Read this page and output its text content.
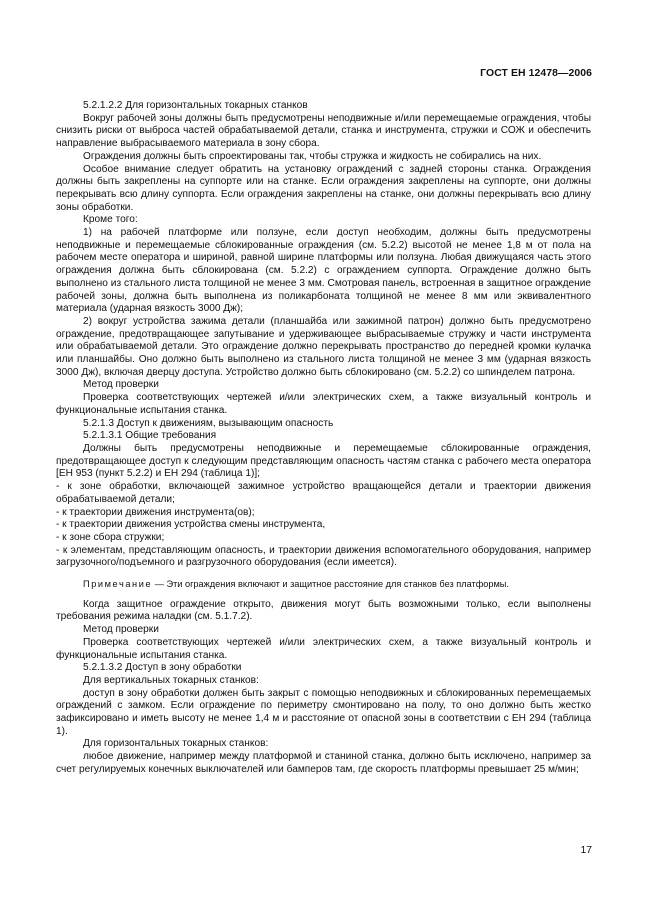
ГОСТ ЕН 12478—2006

5.2.1.2.2 Для горизонтальных токарных станков

Вокруг рабочей зоны должны быть предусмотрены неподвижные и/или перемещаемые ограждения, чтобы снизить риски от выброса частей обрабатываемой детали, станка и инструмента, стружки и СОЖ и обеспечить направление выбрасываемого материала в зону сбора.

Ограждения должны быть спроектированы так, чтобы стружка и жидкость не собирались на них.

Особое внимание следует обратить на установку ограждений с задней стороны станка. Ограждения должны быть закреплены на суппорте или на станке. Если ограждения закреплены на суппорте, они должны перекрывать всю длину суппорта. Если ограждения закреплены на станке, они должны перекрывать всю длину зоны обработки.

Кроме того:

1) на рабочей платформе или ползуне, если доступ необходим, должны быть предусмотрены неподвижные и перемещаемые сблокированные ограждения (см. 5.2.2) высотой не менее 1,8 м от пола на рабочем месте оператора и шириной, равной ширине платформы или ползуна. Любая движущаяся часть этого ограждения должна быть сблокирована (см. 5.2.2) с ограждением суппорта. Ограждение должно быть выполнено из стального листа толщиной не менее 3 мм. Смотровая панель, встроенная в защитное ограждение рабочей зоны, должна быть выполнена из поликарбоната толщиной не менее 8 мм или эквивалентного материала (ударная вязкость 3000 Дж);

2) вокруг устройства зажима детали (планшайба или зажимной патрон) должно быть предусмотрено ограждение, предотвращающее запутывание и удерживающее выбрасываемые стружку и части инструмента или обрабатываемой детали. Это ограждение должно перекрывать пространство до передней кромки кулачка или планшайбы. Оно должно быть выполнено из стального листа толщиной не менее 3 мм (ударная вязкость 3000 Дж), включая дверцу доступа. Устройство должно быть сблокировано (см. 5.2.2) со шпинделем патрона.

Метод проверки

Проверка соответствующих чертежей и/или электрических схем, а также визуальный контроль и функциональные испытания станка.

5.2.1.3 Доступ к движениям, вызывающим опасность

5.2.1.3.1 Общие требования

Должны быть предусмотрены неподвижные и перемещаемые сблокированные ограждения, предотвращающее доступ к следующим представляющим опасность частям станка с рабочего места оператора [ЕН 953 (пункт 5.2.2) и ЕН 294 (таблица 1)];

- к зоне обработки, включающей зажимное устройство вращающейся детали и траектории движения обрабатываемой детали;

- к траектории движения инструмента(ов);

- к траектории движения устройства смены инструмента,

- к зоне сбора стружки;

- к элементам, представляющим опасность, и траектории движения вспомогательного оборудования, например загрузочного/подъемного и разгрузочного оборудования (если имеется).

Примечание — Эти ограждения включают и защитное расстояние для станков без платформы.

Когда защитное ограждение открыто, движения могут быть возможными только, если выполнены требования режима наладки (см. 5.1.7.2).

Метод проверки

Проверка соответствующих чертежей и/или электрических схем, а также визуальный контроль и функциональные испытания станка.

5.2.1.3.2 Доступ в зону обработки

Для вертикальных токарных станков:

доступ в зону обработки должен быть закрыт с помощью неподвижных и сблокированных перемещаемых ограждений с замком. Если ограждение по периметру смонтировано на полу, то оно должно быть жестко зафиксировано и иметь высоту не менее 1,4 м и расстояние от опасной зоны в соответствии с ЕН 294 (таблица 1).

Для горизонтальных токарных станков:

любое движение, например между платформой и станиной станка, должно быть исключено, например за счет регулируемых конечных выключателей или бамперов там, где скорость платформы превышает 25 м/мин;

17
